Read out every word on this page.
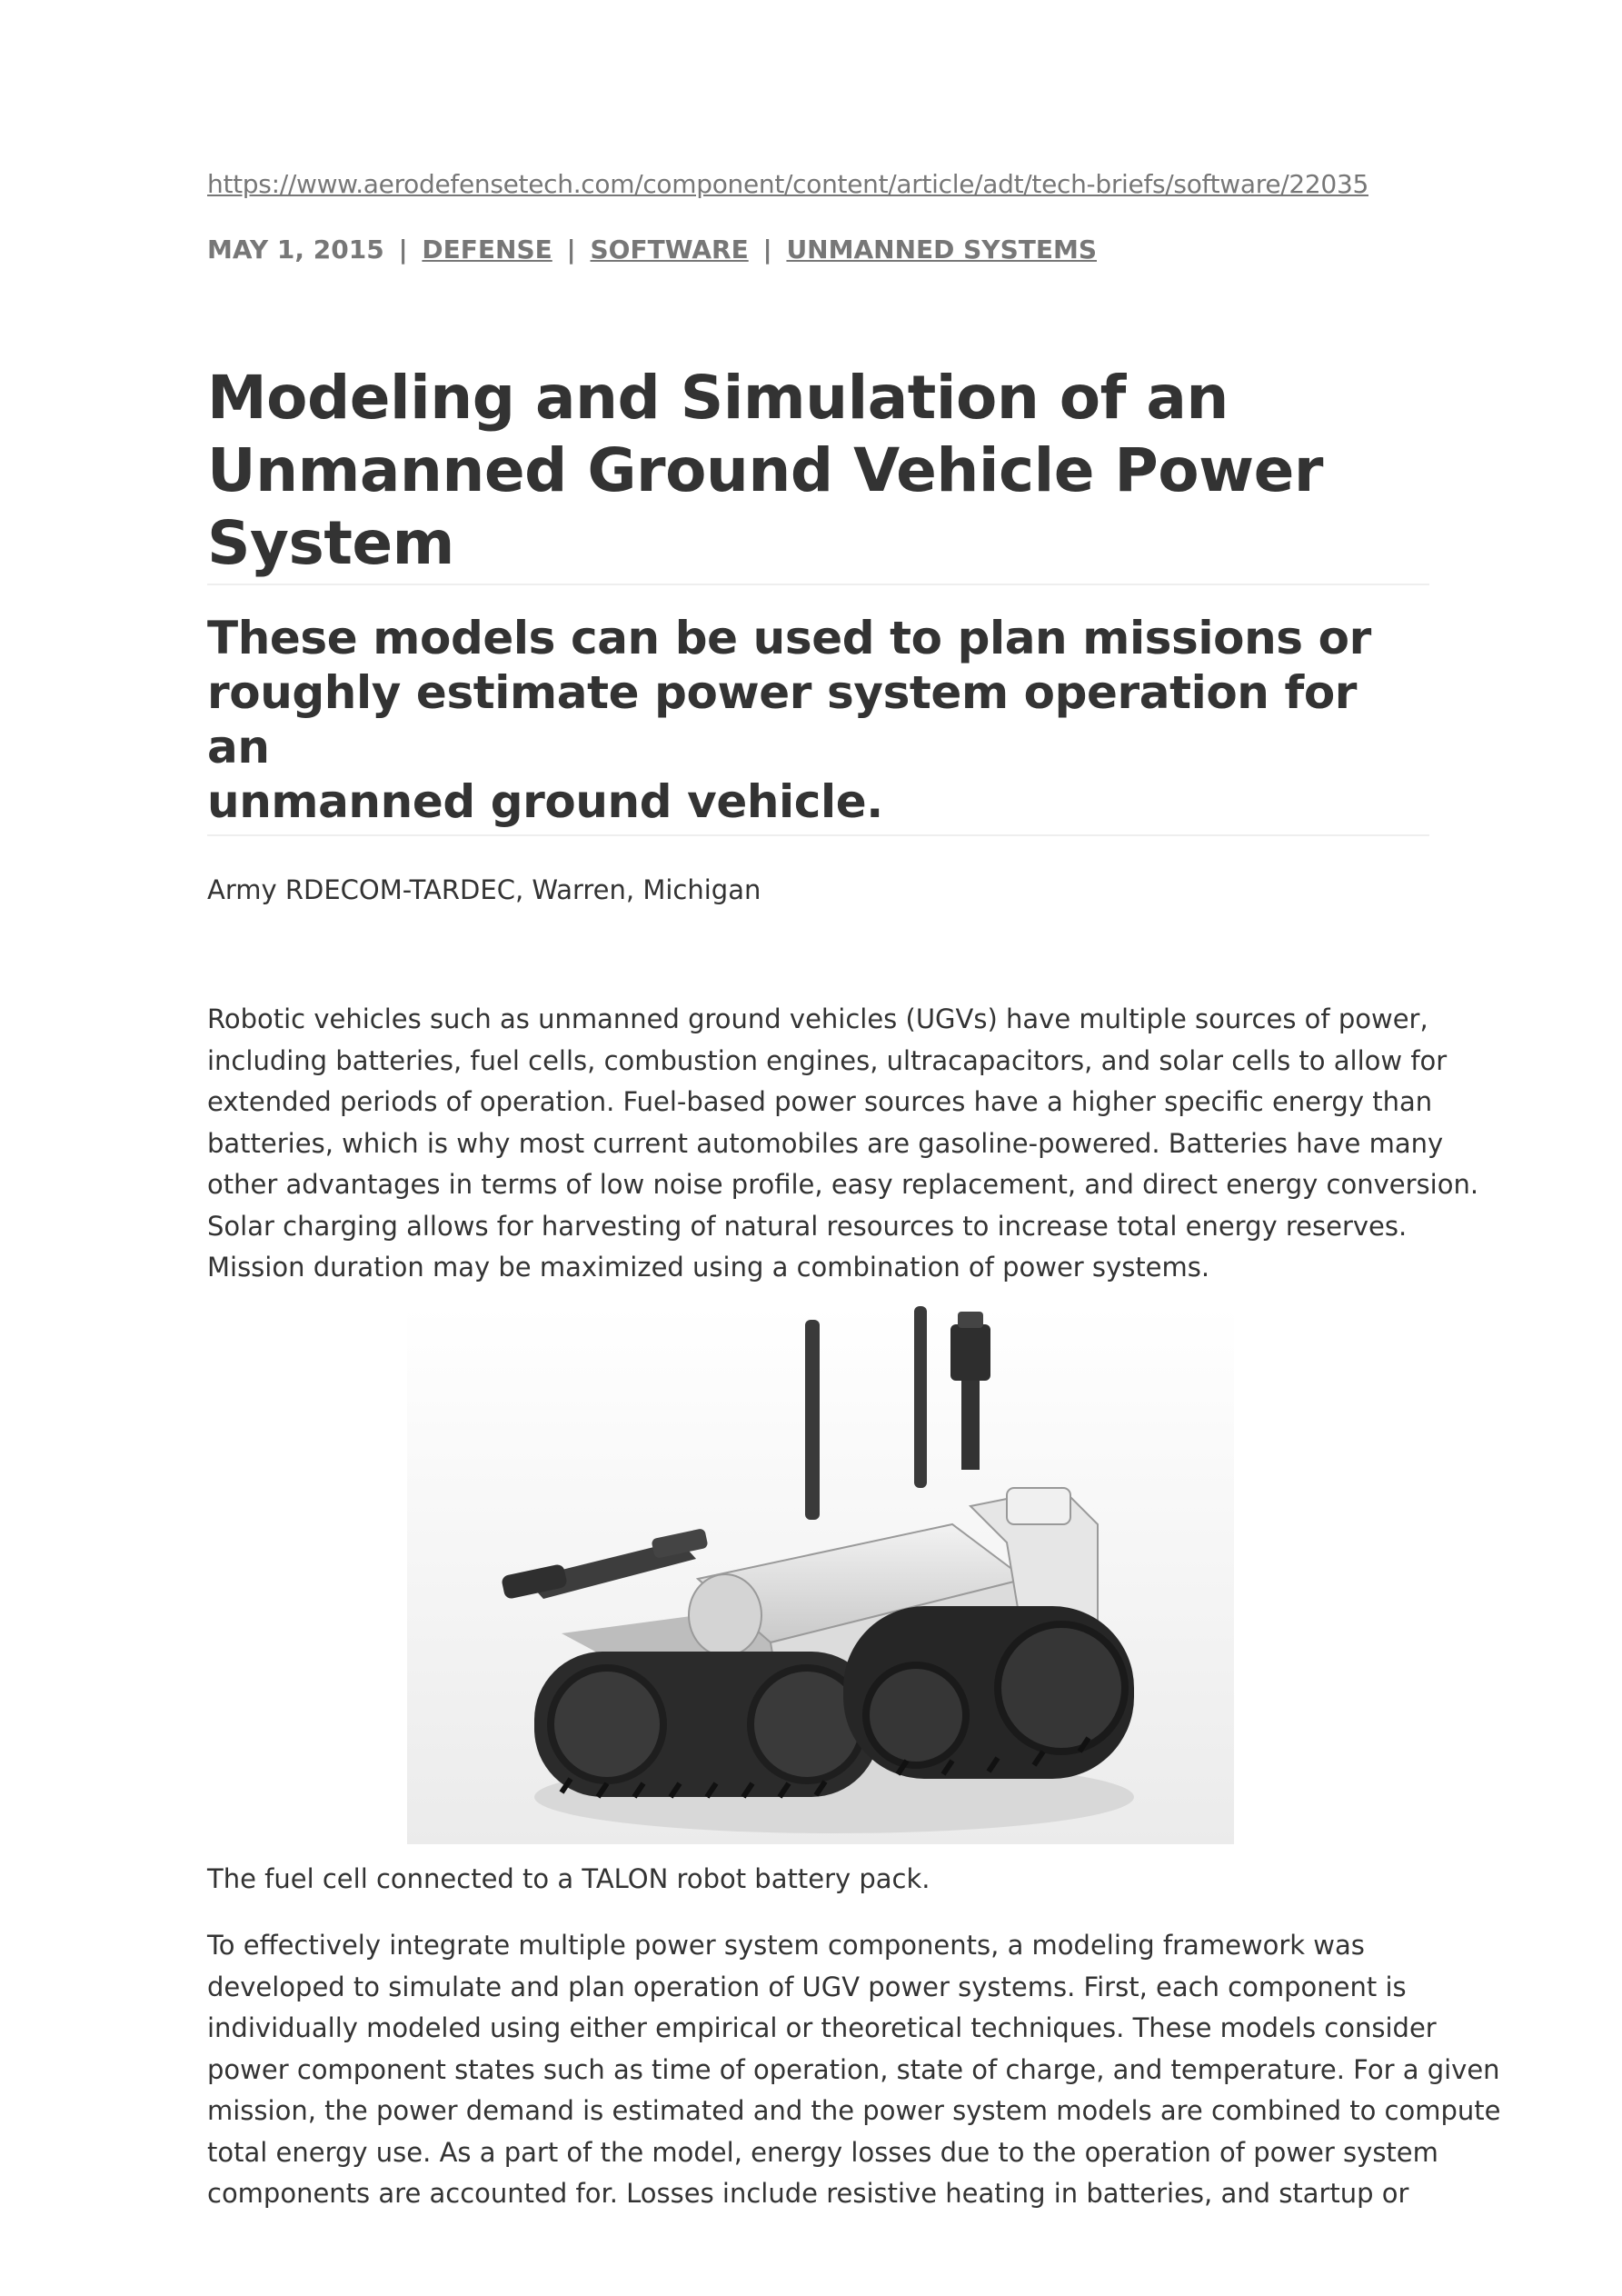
https://www.aerodefensetech.com/component/content/article/adt/tech-briefs/software/22035
MAY 1, 2015 | DEFENSE | SOFTWARE | UNMANNED SYSTEMS
Modeling and Simulation of an
Unmanned Ground Vehicle Power
System
These models can be used to plan missions or
roughly estimate power system operation for an
unmanned ground vehicle.
Army RDECOM-TARDEC, Warren, Michigan

Robotic vehicles such as unmanned ground vehicles (UGVs) have multiple sources of power,
including batteries, fuel cells, combustion engines, ultracapacitors, and solar cells to allow for
extended periods of operation. Fuel-based power sources have a higher specific energy than
batteries, which is why most current automobiles are gasoline-powered. Batteries have many
other advantages in terms of low noise profile, easy replacement, and direct energy conversion.
Solar charging allows for harvesting of natural resources to increase total energy reserves.
Mission duration may be maximized using a combination of power systems.

The fuel cell connected to a TALON robot battery pack.

To effectively integrate multiple power system components, a modeling framework was
developed to simulate and plan operation of UGV power systems. First, each component is
individually modeled using either empirical or theoretical techniques. These models consider
power component states such as time of operation, state of charge, and temperature. For a given
mission, the power demand is estimated and the power system models are combined to compute
total energy use. As a part of the model, energy losses due to the operation of power system
components are accounted for. Losses include resistive heating in batteries, and startup or
